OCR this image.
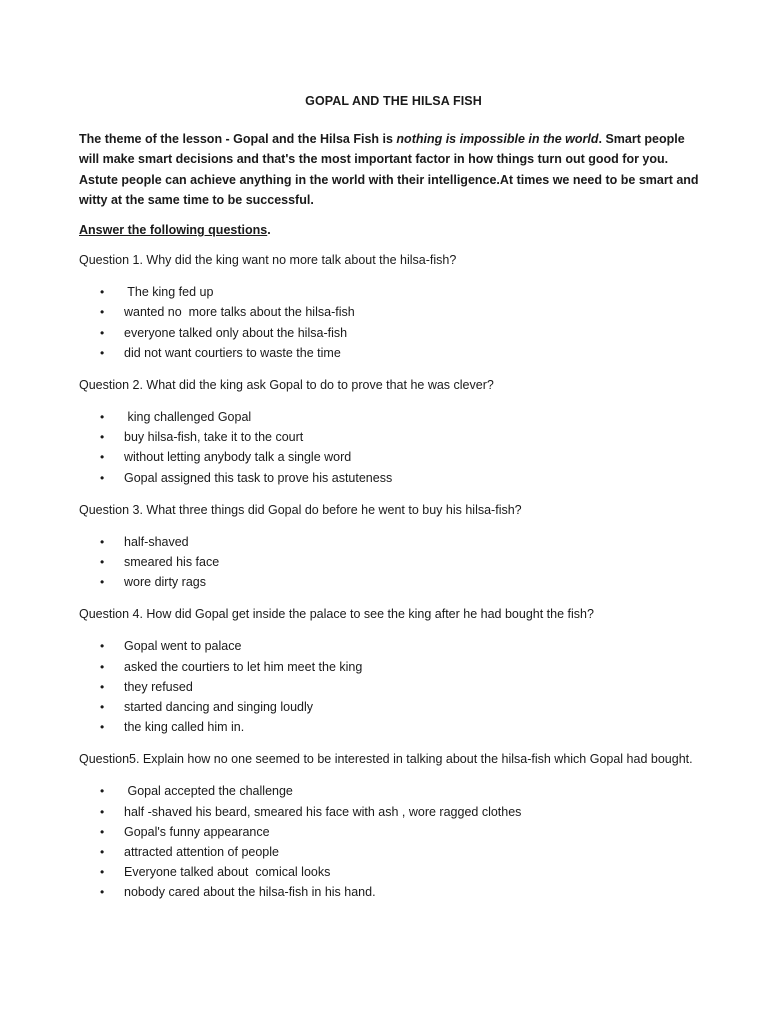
GOPAL AND THE HILSA FISH

The theme of the lesson - Gopal and the Hilsa Fish is nothing is impossible in the world. Smart people will make smart decisions and that's the most important factor in how things turn out good for you. Astute people can achieve anything in the world with their intelligence.At times we need to be smart and witty at the same time to be successful.

Answer the following questions.

Question 1. Why did the king want no more talk about the hilsa-fish?

• The king fed up
• wanted no  more talks about the hilsa-fish
• everyone talked only about the hilsa-fish
• did not want courtiers to waste the time

Question 2. What did the king ask Gopal to do to prove that he was clever?

• king challenged Gopal
• buy hilsa-fish, take it to the court
• without letting anybody talk a single word
• Gopal assigned this task to prove his astuteness

Question 3. What three things did Gopal do before he went to buy his hilsa-fish?

• half-shaved
• smeared his face
• wore dirty rags

Question 4. How did Gopal get inside the palace to see the king after he had bought the fish?

• Gopal went to palace
• asked the courtiers to let him meet the king
• they refused
• started dancing and singing loudly
• the king called him in.

Question5. Explain how no one seemed to be interested in talking about the hilsa-fish which Gopal had bought.

• Gopal accepted the challenge
• half -shaved his beard, smeared his face with ash , wore ragged clothes
• Gopal's funny appearance
• attracted attention of people
• Everyone talked about  comical looks
• nobody cared about the hilsa-fish in his hand.
